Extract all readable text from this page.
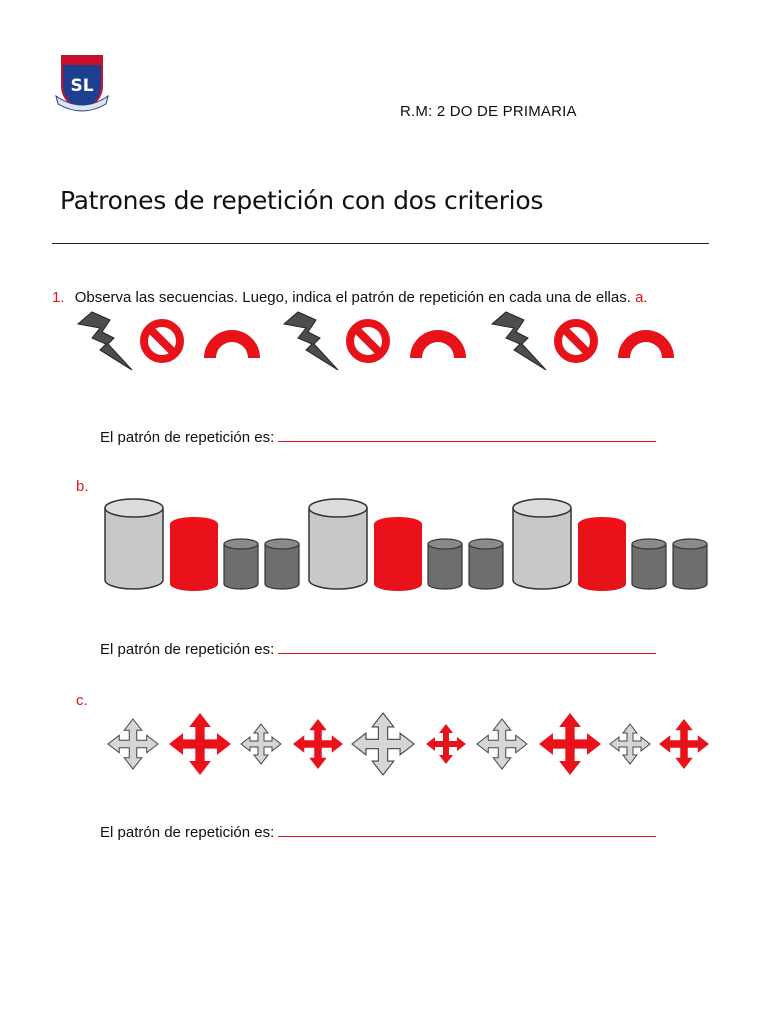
SL
R.M: 2 DO DE PRIMARIA
Patrones de repetición con dos criterios
1. Observa las secuencias. Luego, indica el patrón de repetición en cada una de ellas. a.
El patrón de repetición es:
b.
El patrón de repetición es:
c.
El patrón de repetición es:
